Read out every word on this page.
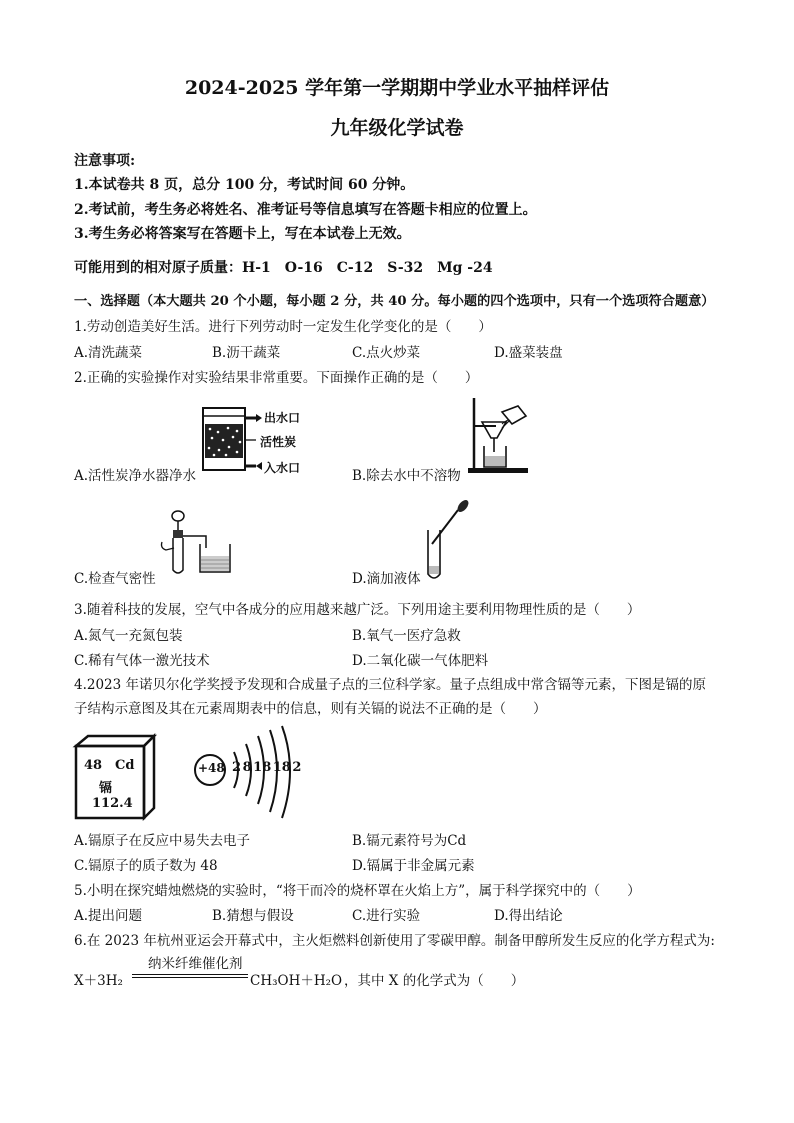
2024-2025 学年第一学期期中学业水平抽样评估
九年级化学试卷
注意事项:
1.本试卷共 8 页，总分 100 分，考试时间 60 分钟。
2.考试前，考生务必将姓名、准考证号等信息填写在答题卡相应的位置上。
3.考生务必将答案写在答题卡上，写在本试卷上无效。
可能用到的相对原子质量：H-1　O-16　C-12　S-32　Mg -24
一、选择题（本大题共 20 个小题，每小题 2 分，共 40 分。每小题的四个选项中，只有一个选项符合题意）
1.劳动创造美好生活。进行下列劳动时一定发生化学变化的是（　　）
A.清洗蔬菜	B.沥干蔬菜	C.点火炒菜	D.盛菜装盘
2.正确的实验操作对实验结果非常重要。下面操作正确的是（　　）
出水口
活性炭
入水口
A.活性炭净水器净水	B.除去水中不溶物
C.检查气密性	D.滴加液体
3.随着科技的发展，空气中各成分的应用越来越广泛。下列用途主要利用物理性质的是（　　）
A.氮气一充氮包装	B.氧气一医疗急救
C.稀有气体一激光技术	D.二氧化碳一气体肥料
4.2023 年诺贝尔化学奖授予发现和合成量子点的三位科学家。量子点组成中常含镉等元素，下图是镉的原
子结构示意图及其在元素周期表中的信息，则有关镉的说法不正确的是（　　）
48 Cd
镉
112.4
+48 2 8 18 18 2
A.镉原子在反应中易失去电子	B.镉元素符号为Cd
C.镉原子的质子数为 48	D.镉属于非金属元素
5.小明在探究蜡烛燃烧的实验时，“将干而冷的烧杯罩在火焰上方”，属于科学探究中的（　　）
A.提出问题	B.猜想与假设	C.进行实验	D.得出结论
6.在 2023 年杭州亚运会开幕式中，主火炬燃料创新使用了零碳甲醇。制备甲醇所发生反应的化学方程式为:
X＋3H₂
纳米纤维催化剂
CH₃OH＋H₂O ，其中 X 的化学式为（　　）
